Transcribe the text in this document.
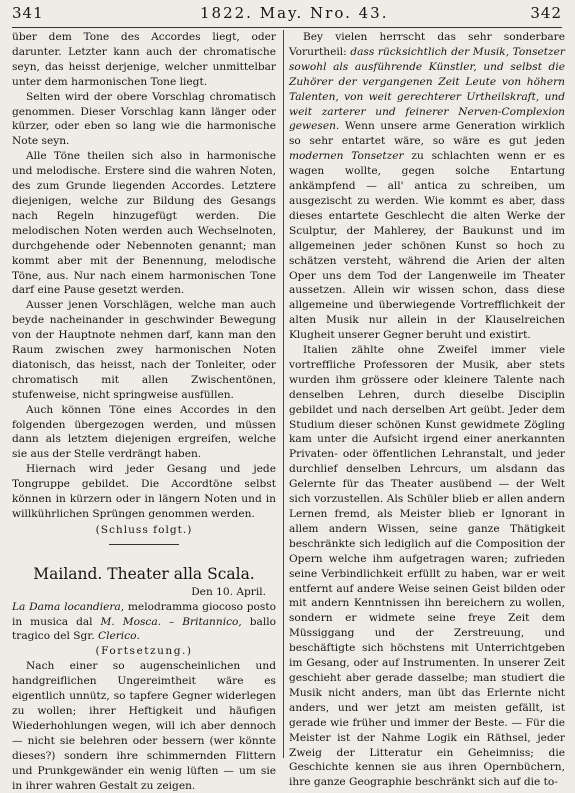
341	1822. May. Nro. 43.	342

über dem Tone des Accordes liegt, oder darunter. Letzter kann auch der chromatische seyn, das heisst derjenige, welcher unmittelbar unter dem harmonischen Tone liegt.

Selten wird der obere Vorschlag chromatisch genommen. Dieser Vorschlag kann länger oder kürzer, oder eben so lang wie die harmonische Note seyn.

Alle Töne theilen sich also in harmonische und melodische. Erstere sind die wahren Noten, des zum Grunde liegenden Accordes. Letztere diejenigen, welche zur Bildung des Gesangs nach Regeln hinzugefügt werden. Die melodischen Noten werden auch Wechselnoten, durchgehende oder Nebennoten genannt; man kommt aber mit der Benennung, melodische Töne, aus. Nur nach einem harmonischen Tone darf eine Pause gesetzt werden.

Ausser jenen Vorschlägen, welche man auch beyde nacheinander in geschwinder Bewegung von der Hauptnote nehmen darf, kann man den Raum zwischen zwey harmonischen Noten diatonisch, das heisst, nach der Tonleiter, oder chromatisch mit allen Zwischentönen, stufenweise, nicht springweise ausfüllen.

Auch können Töne eines Accordes in den folgenden übergezogen werden, und müssen dann als letztem diejenigen ergreifen, welche sie aus der Stelle verdrängt haben.

Hiernach wird jeder Gesang und jede Tongruppe gebildet. Die Accordtöne selbst können in kürzern oder in längern Noten und in willkührlichen Sprüngen genommen werden.

(Schluss folgt.)

Mailand. Theater alla Scala.

Den 10. April.

La Dama locandiera, melodramma giocoso posto in musica dal M. Mosca. – Britannico, ballo tragico del Sgr. Clerico.

(Fortsetzung.)

Nach einer so augenscheinlichen und handgreiflichen Ungereimtheit wäre es eigentlich unnütz, so tapfere Gegner widerlegen zu wollen; ihrer Heftigkeit und häufigen Wiederhohlungen wegen, will ich aber dennoch — nicht sie belehren oder bessern (wer könnte dieses?) sondern ihre schimmernden Flittern und Prunkgewänder ein wenig lüften — um sie in ihrer wahren Gestalt zu zeigen.

Bey vielen herrscht das sehr sonderbare Vorurtheil: dass rücksichtlich der Musik, Tonsetzer sowohl als ausführende Künstler, und selbst die Zuhörer der vergangenen Zeit Leute von höhern Talenten, von weit gerechterer Urtheilskraft, und weit zarterer und feinerer Nerven-Complexion gewesen. Wenn unsere arme Generation wirklich so sehr entartet wäre, so wäre es gut jeden modernen Tonsetzer zu schlachten wenn er es wagen wollte, gegen solche Entartung ankämpfend — all' antica zu schreiben, um ausgezischt zu werden. Wie kommt es aber, dass dieses entartete Geschlecht die alten Werke der Sculptur, der Mahlerey, der Baukunst und im allgemeinen jeder schönen Kunst so hoch zu schätzen versteht, während die Arien der alten Oper uns dem Tod der Langenweile im Theater aussetzen. Allein wir wissen schon, dass diese allgemeine und überwiegende Vortrefflichkeit der alten Musik nur allein in der Klauselreichen Klugheit unserer Gegner beruht und existirt.

Italien zählte ohne Zweifel immer viele vortreffliche Professoren der Musik, aber stets wurden ihm grössere oder kleinere Talente nach denselben Lehren, durch dieselbe Disciplin gebildet und nach derselben Art geübt. Jeder dem Studium dieser schönen Kunst gewidmete Zögling kam unter die Aufsicht irgend einer anerkannten Privaten- oder öffentlichen Lehranstalt, und jeder durchlief denselben Lehrcurs, um alsdann das Gelernte für das Theater ausübend — der Welt sich vorzustellen. Als Schüler blieb er allen andern Lernen fremd, als Meister blieb er Ignorant in allem andern Wissen, seine ganze Thätigkeit beschränkte sich lediglich auf die Composition der Opern welche ihm aufgetragen waren; zufrieden seine Verbindlichkeit erfüllt zu haben, war er weit entfernt auf andere Weise seinen Geist bilden oder mit andern Kenntnissen ihn bereichern zu wollen, sondern er widmete seine freye Zeit dem Müssiggang und der Zerstreuung, und beschäftigte sich höchstens mit Unterrichtgeben im Gesang, oder auf Instrumenten. In unserer Zeit geschieht aber gerade dasselbe; man studiert die Musik nicht anders, man übt das Erlernte nicht anders, und wer jetzt am meisten gefällt, ist gerade wie früher und immer der Beste. — Für die Meister ist der Nahme Logik ein Räthsel, jeder Zweig der Litteratur ein Geheimniss; die Geschichte kennen sie aus ihren Opernbüchern, ihre ganze Geographie beschränkt sich auf die to-
